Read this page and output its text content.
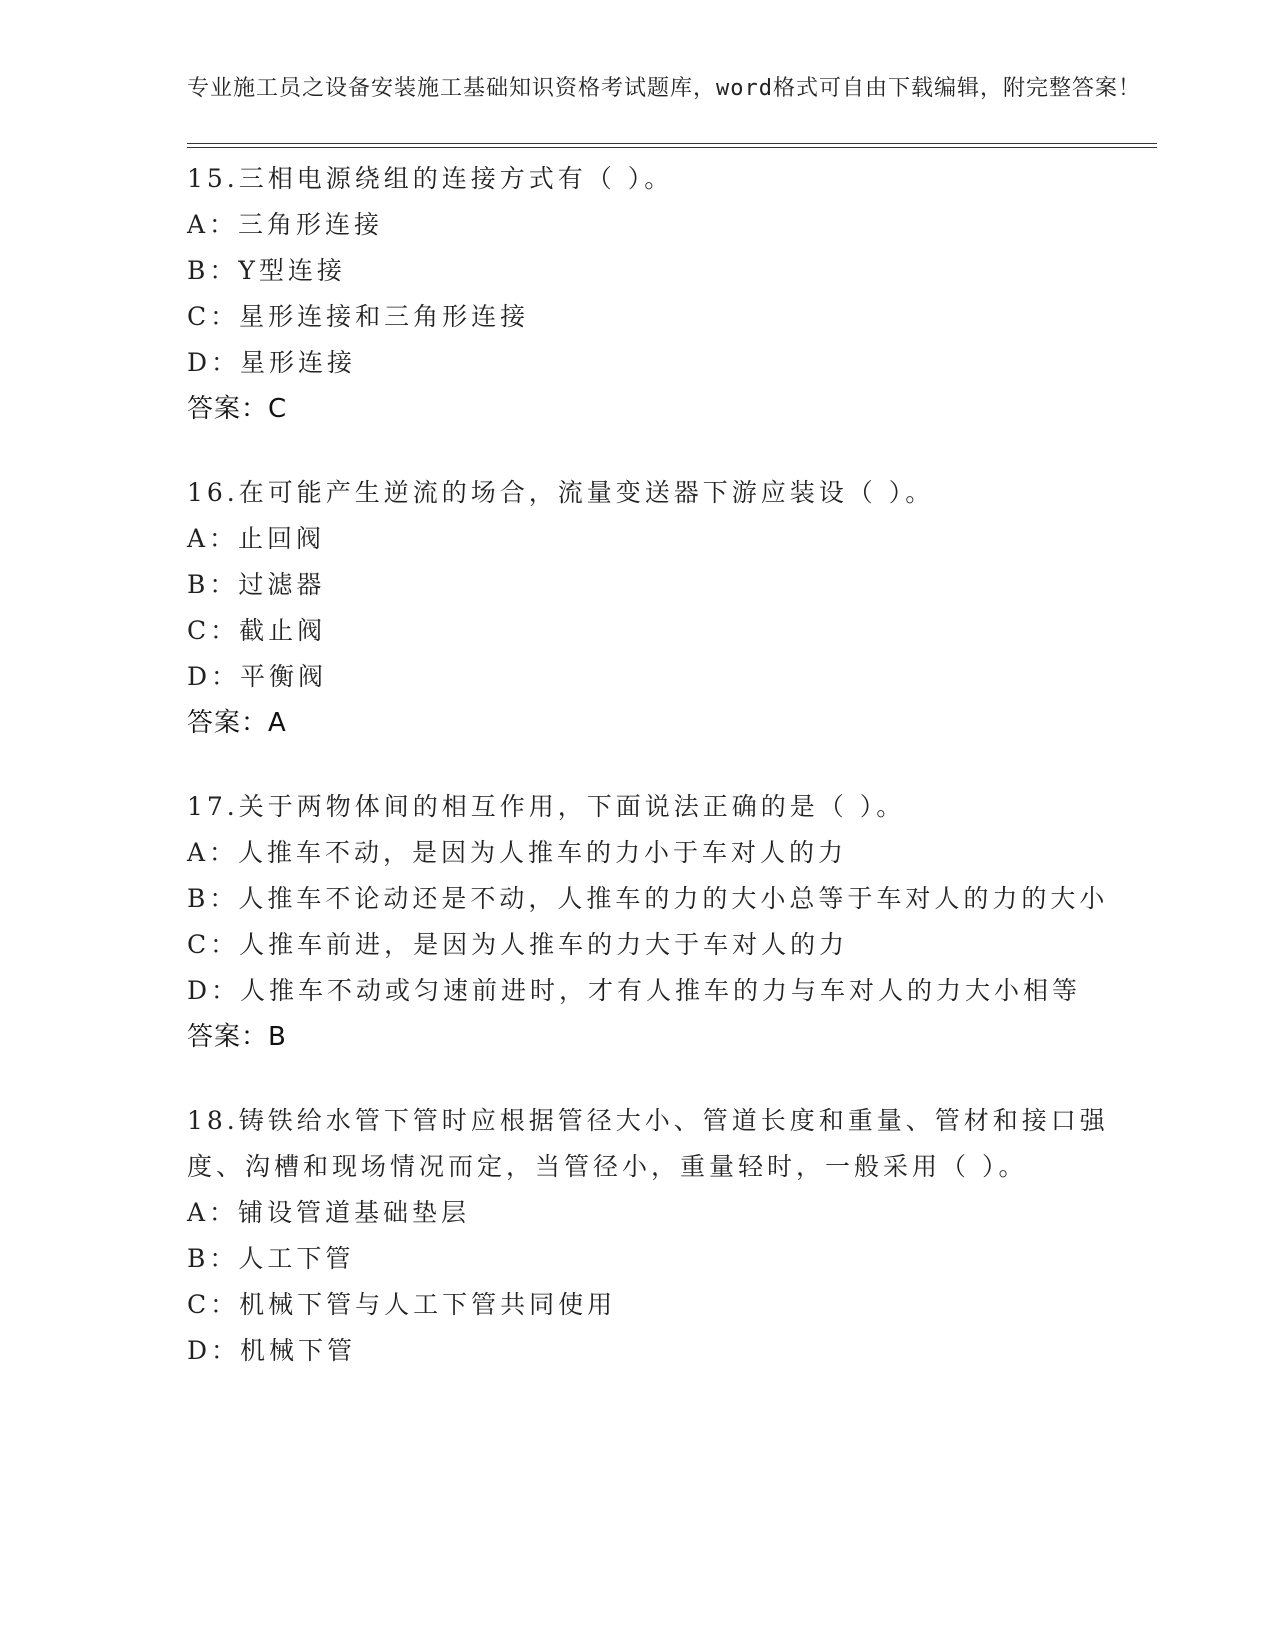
专业施工员之设备安装施工基础知识资格考试题库，word格式可自由下载编辑，附完整答案！
15.三相电源绕组的连接方式有（ ）。
A：三角形连接
B：Y型连接
C：星形连接和三角形连接
D：星形连接
答案：C
16.在可能产生逆流的场合，流量变送器下游应装设（ ）。
A：止回阀
B：过滤器
C：截止阀
D：平衡阀
答案：A
17.关于两物体间的相互作用，下面说法正确的是（ ）。
A：人推车不动，是因为人推车的力小于车对人的力
B：人推车不论动还是不动，人推车的力的大小总等于车对人的力的大小
C：人推车前进，是因为人推车的力大于车对人的力
D：人推车不动或匀速前进时，才有人推车的力与车对人的力大小相等
答案：B
18.铸铁给水管下管时应根据管径大小、管道长度和重量、管材和接口强度、沟槽和现场情况而定，当管径小，重量轻时，一般采用（ ）。
A：铺设管道基础垫层
B：人工下管
C：机械下管与人工下管共同使用
D：机械下管
